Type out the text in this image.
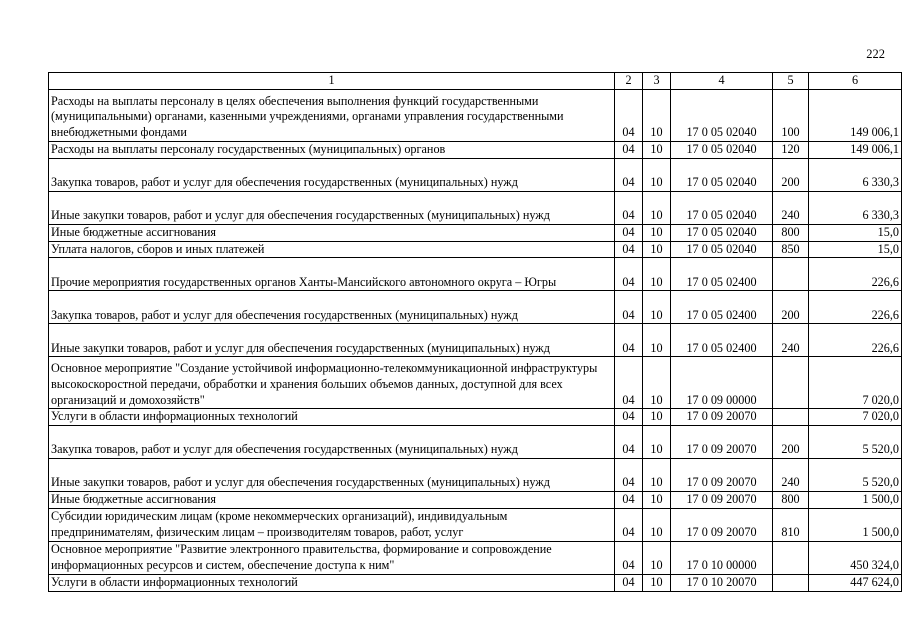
222
1	2	3	4	5	6
Расходы на выплаты персоналу в целях обеспечения выполнения функций государственными (муниципальными) органами, казенными учреждениями, органами управления государственными внебюджетными фондами	04	10	17 0 05 02040	100	149 006,1
Расходы на выплаты персоналу государственных (муниципальных) органов	04	10	17 0 05 02040	120	149 006,1
Закупка товаров, работ и услуг для обеспечения государственных (муниципальных) нужд	04	10	17 0 05 02040	200	6 330,3
Иные закупки товаров, работ и услуг для обеспечения государственных (муниципальных) нужд	04	10	17 0 05 02040	240	6 330,3
Иные бюджетные ассигнования	04	10	17 0 05 02040	800	15,0
Уплата налогов, сборов и иных платежей	04	10	17 0 05 02040	850	15,0
Прочие мероприятия государственных органов Ханты-Мансийского автономного округа – Югры	04	10	17 0 05 02400		226,6
Закупка товаров, работ и услуг для обеспечения государственных (муниципальных) нужд	04	10	17 0 05 02400	200	226,6
Иные закупки товаров, работ и услуг для обеспечения государственных (муниципальных) нужд	04	10	17 0 05 02400	240	226,6
Основное мероприятие "Создание устойчивой информационно-телекоммуникационной инфраструктуры высокоскоростной передачи, обработки и хранения больших объемов данных, доступной для всех организаций и домохозяйств"	04	10	17 0 09 00000		7 020,0
Услуги в области информационных технологий	04	10	17 0 09 20070		7 020,0
Закупка товаров, работ и услуг для обеспечения государственных (муниципальных) нужд	04	10	17 0 09 20070	200	5 520,0
Иные закупки товаров, работ и услуг для обеспечения государственных (муниципальных) нужд	04	10	17 0 09 20070	240	5 520,0
Иные бюджетные ассигнования	04	10	17 0 09 20070	800	1 500,0
Субсидии юридическим лицам (кроме некоммерческих организаций), индивидуальным предпринимателям, физическим лицам – производителям товаров, работ, услуг	04	10	17 0 09 20070	810	1 500,0
Основное мероприятие "Развитие электронного правительства, формирование и сопровождение информационных ресурсов и систем, обеспечение доступа к ним"	04	10	17 0 10 00000		450 324,0
Услуги в области информационных технологий	04	10	17 0 10 20070		447 624,0
